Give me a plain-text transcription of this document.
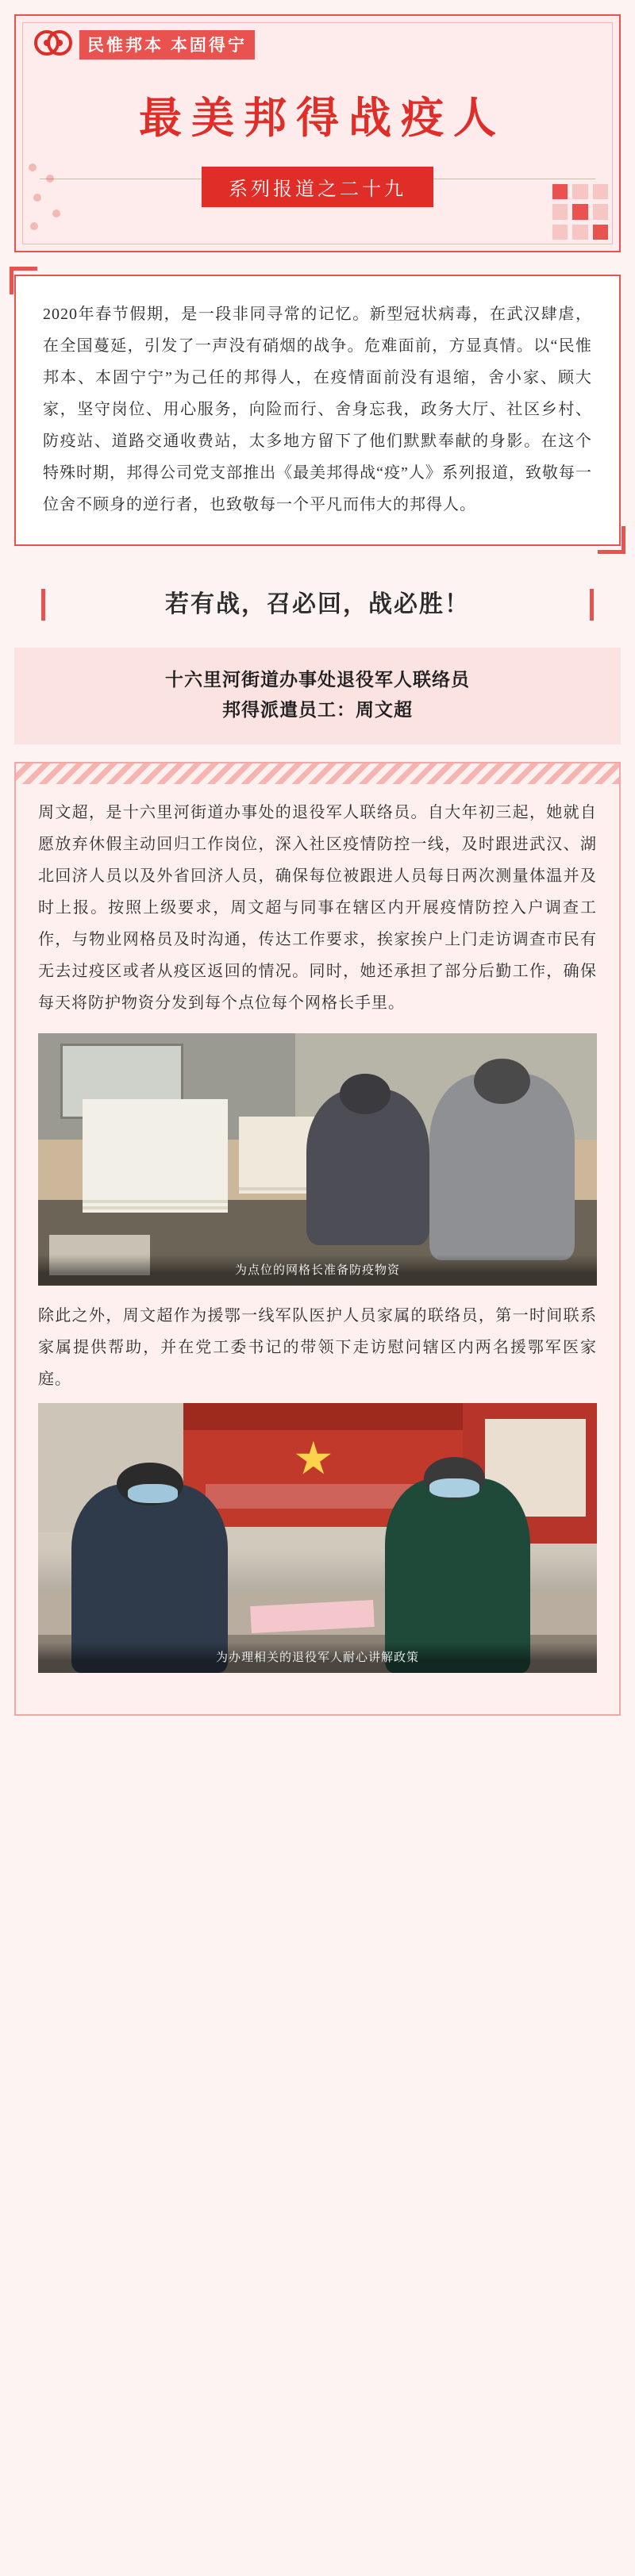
民惟邦本 本固得宁
最美邦得战疫人
系列报道之二十九

2020年春节假期，是一段非同寻常的记忆。新型冠状病毒，在武汉肆虐，在全国蔓延，引发了一声没有硝烟的战争。危难面前，方显真情。以“民惟邦本、本固宁宁”为己任的邦得人，在疫情面前没有退缩，舍小家、顾大家，坚守岗位、用心服务，向险而行、舍身忘我，政务大厅、社区乡村、防疫站、道路交通收费站，太多地方留下了他们默默奉献的身影。在这个特殊时期，邦得公司党支部推出《最美邦得战“疫”人》系列报道，致敬每一位舍不顾身的逆行者，也致敬每一个平凡而伟大的邦得人。

若有战，召必回，战必胜！
十六里河街道办事处退役军人联络员
邦得派遣员工：周文超

周文超，是十六里河街道办事处的退役军人联络员。自大年初三起，她就自愿放弃休假主动回归工作岗位，深入社区疫情防控一线，及时跟进武汉、湖北回济人员以及外省回济人员，确保每位被跟进人员每日两次测量体温并及时上报。按照上级要求，周文超与同事在辖区内开展疫情防控入户调查工作，与物业网格员及时沟通，传达工作要求，挨家挨户上门走访调查市民有无去过疫区或者从疫区返回的情况。同时，她还承担了部分后勤工作，确保每天将防护物资分发到每个点位每个网格长手里。

为点位的网格长准备防疫物资

除此之外，周文超作为援鄂一线军队医护人员家属的联络员，第一时间联系家属提供帮助，并在党工委书记的带领下走访慰问辖区内两名援鄂军医家庭。

为办理相关的退役军人耐心讲解政策
